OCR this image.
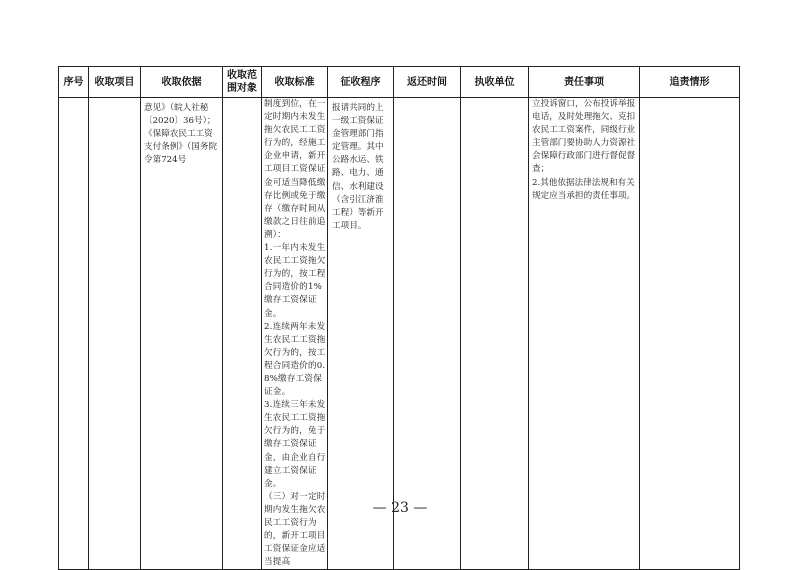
序号	收取项目	收取依据	收取范围对象	收取标准	征收程序	返还时间	执收单位	责任事项	追责情形

		意见》（皖人社秘〔2020〕36号）；《保障农民工工资支付条例》（国务院令第724号		制度到位，在一定时期内未发生拖欠农民工工资行为的，经施工企业申请，新开工项目工资保证金可适当降低缴存比例或免于缴存（缴存时间从缴款之日往前追溯）：
1.一年内未发生农民工工资拖欠行为的，按工程合同造价的1%缴存工资保证金。
2.连续两年未发生农民工工资拖欠行为的，按工程合同造价的0.8%缴存工资保证金。
3.连续三年未发生农民工工资拖欠行为的，免于缴存工资保证金，由企业自行建立工资保证金。
（三）对一定时期内发生拖欠农民工工资行为的，新开工项目工资保证金应适当提高	报请共同的上一级工资保证金管理部门指定管理。其中公路水运、铁路、电力、通信、水利建设（含引江济淮工程）等新开工项目。			立投诉窗口，公布投诉举报电话，及时处理拖欠、克扣农民工工资案件，同级行业主管部门要协助人力资源社会保障行政部门进行督促督查；
2.其他依据法律法规和有关规定应当承担的责任事项。	

— 23 —
